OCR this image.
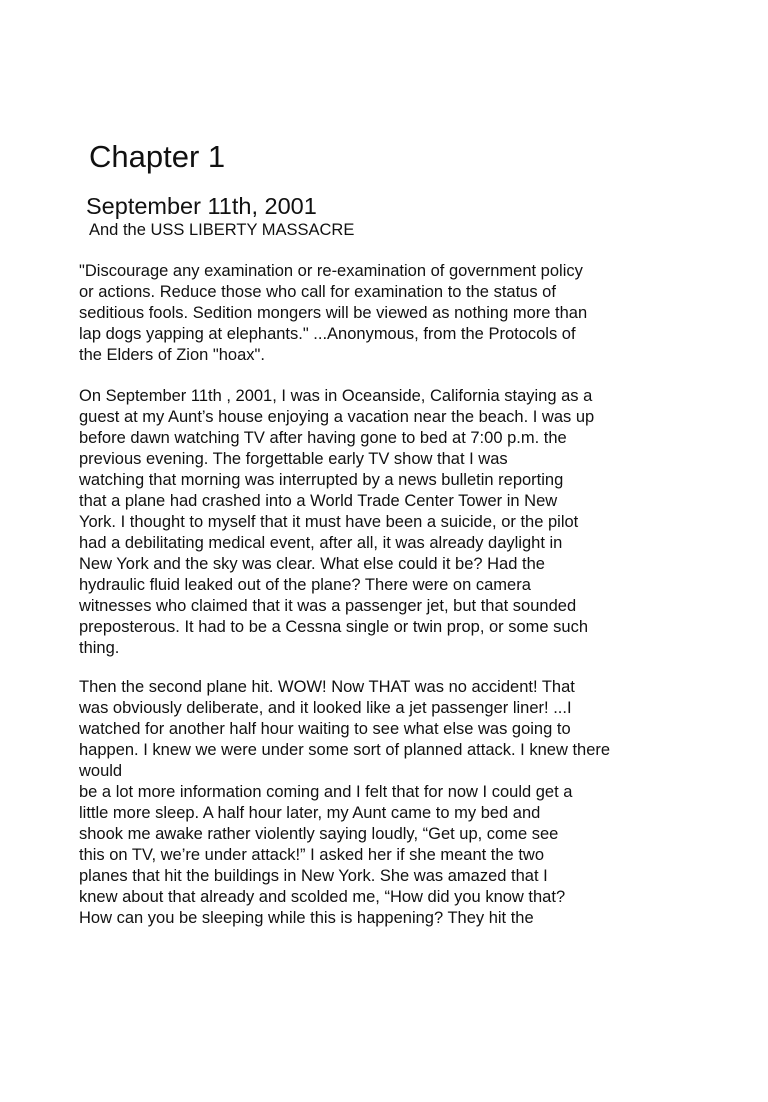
Chapter 1
September 11th, 2001
And the USS LIBERTY MASSACRE

"Discourage any examination or re-examination of government policy
or actions. Reduce those who call for examination to the status of
seditious fools. Sedition mongers will be viewed as nothing more than
lap dogs yapping at elephants." ...Anonymous, from the Protocols of
the Elders of Zion "hoax".

On September 11th , 2001, I was in Oceanside, California staying as a
guest at my Aunt’s house enjoying a vacation near the beach. I was up
before dawn watching TV after having gone to bed at 7:00 p.m. the
previous evening. The forgettable early TV show that I was
watching that morning was interrupted by a news bulletin reporting
that a plane had crashed into a World Trade Center Tower in New
York. I thought to myself that it must have been a suicide, or the pilot
had a debilitating medical event, after all, it was already daylight in
New York and the sky was clear. What else could it be? Had the
hydraulic fluid leaked out of the plane? There were on camera
witnesses who claimed that it was a passenger jet, but that sounded
preposterous. It had to be a Cessna single or twin prop, or some such
thing.

Then the second plane hit. WOW! Now THAT was no accident! That
was obviously deliberate, and it looked like a jet passenger liner! ...I
watched for another half hour waiting to see what else was going to
happen. I knew we were under some sort of planned attack. I knew there
would
be a lot more information coming and I felt that for now I could get a
little more sleep. A half hour later, my Aunt came to my bed and
shook me awake rather violently saying loudly, “Get up, come see
this on TV, we’re under attack!” I asked her if she meant the two
planes that hit the buildings in New York. She was amazed that I
knew about that already and scolded me, “How did you know that?
How can you be sleeping while this is happening? They hit the
